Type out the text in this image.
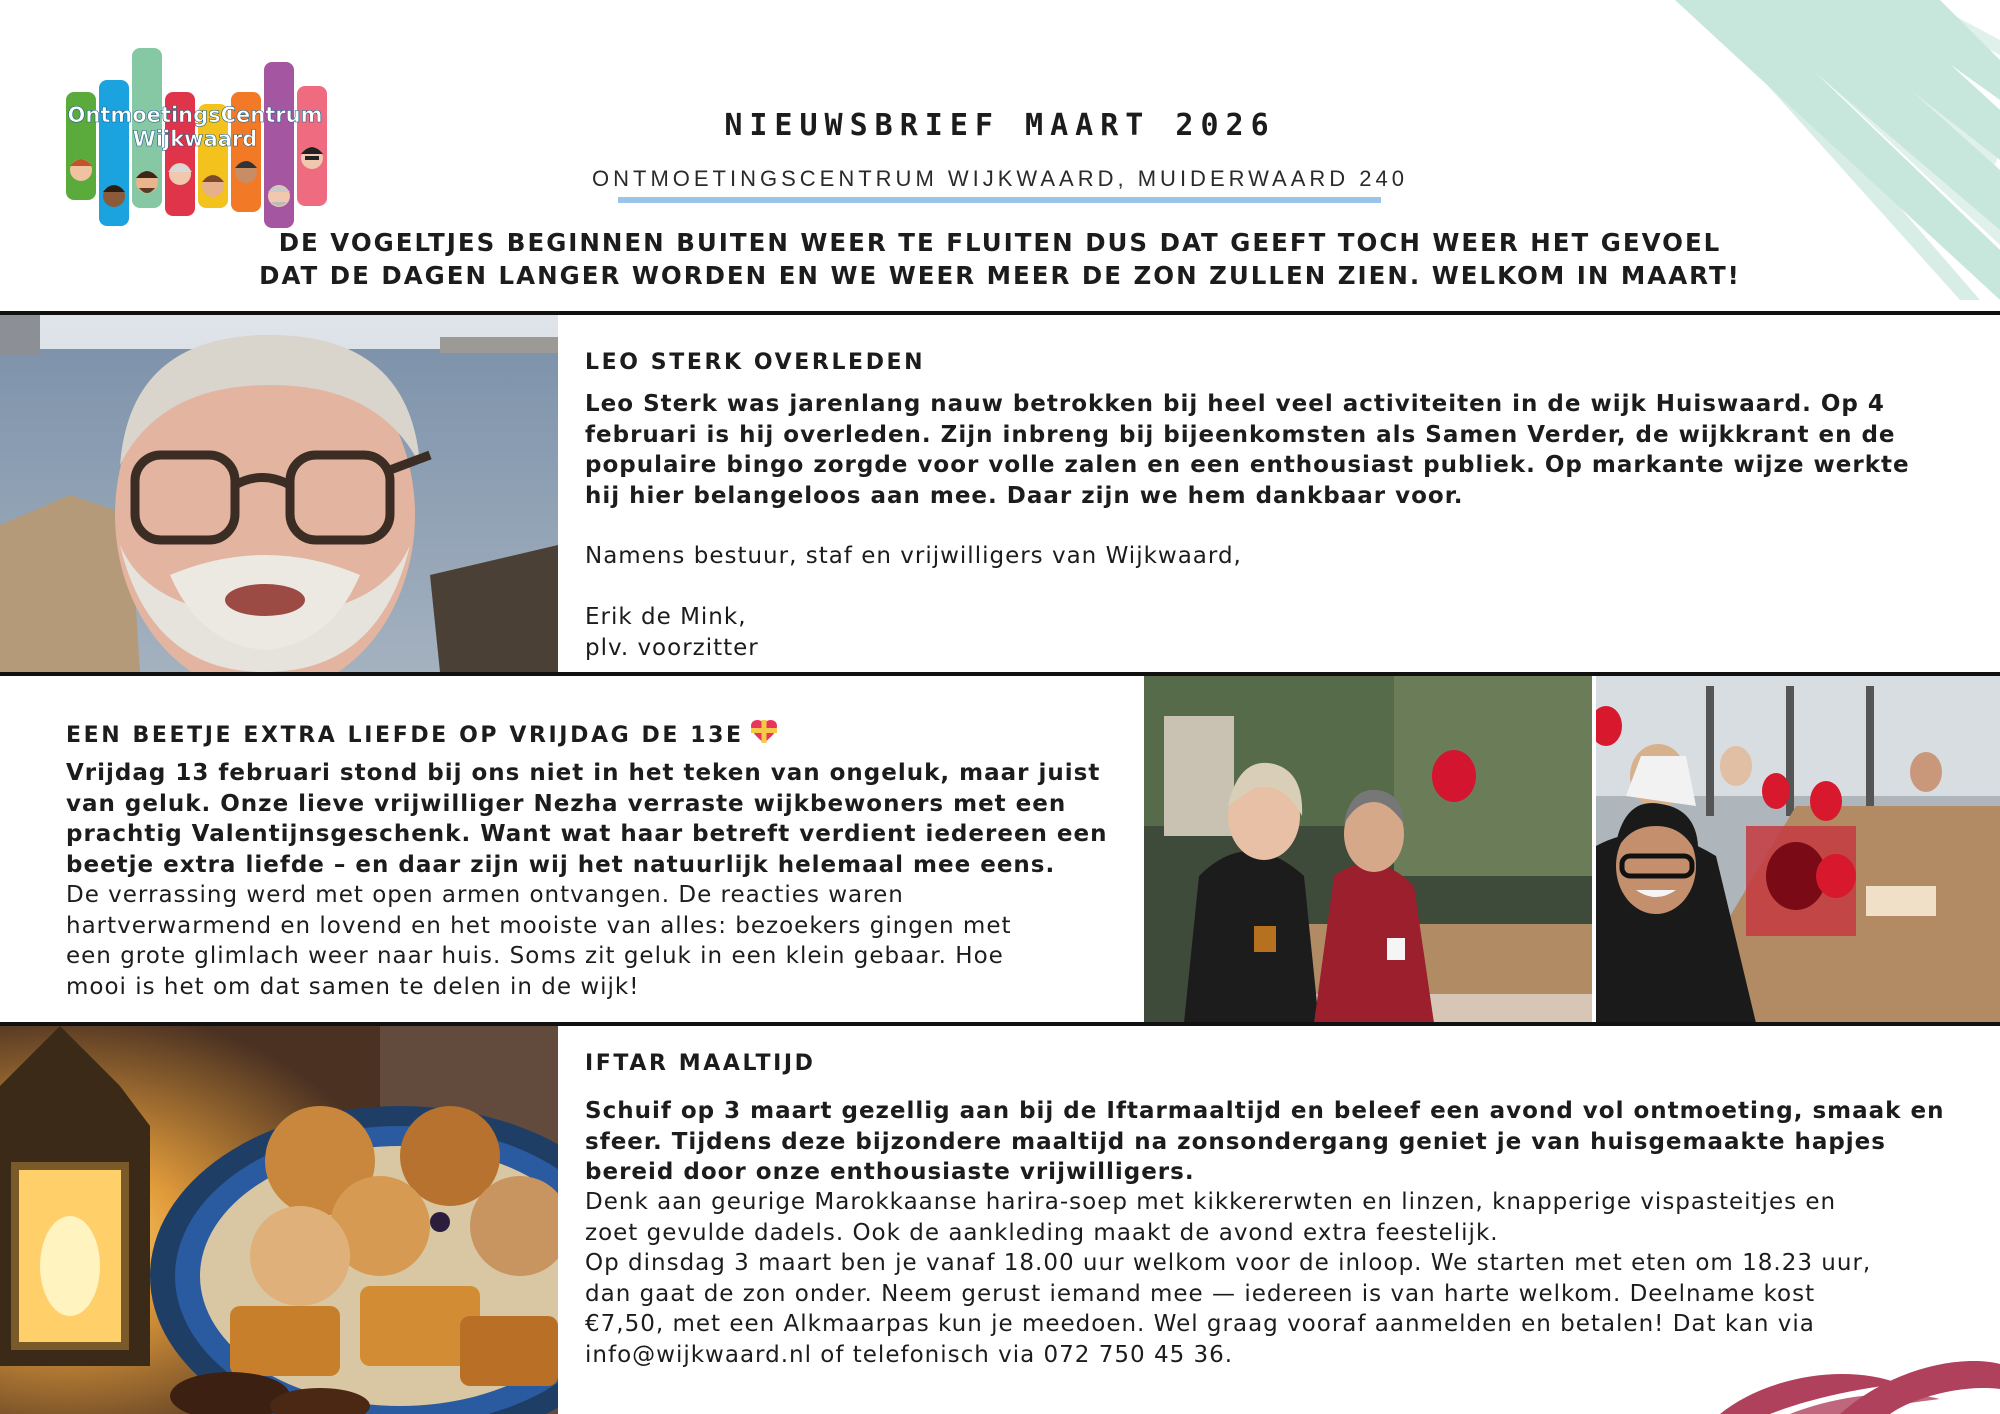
OntmoetingsCentrum
Wijkwaard	NIEUWSBRIEF MAART 2026
ONTMOETINGSCENTRUM WIJKWAARD, MUIDERWAARD 240
DE VOGELTJES BEGINNEN BUITEN WEER TE FLUITEN DUS DAT GEEFT TOCH WEER HET GEVOEL
DAT DE DAGEN LANGER WORDEN EN WE WEER MEER DE ZON ZULLEN ZIEN. WELKOM IN MAART!
LEO STERK OVERLEDEN
Leo Sterk was jarenlang nauw betrokken bij heel veel activiteiten in de wijk Huiswaard. Op 4
februari is hij overleden. Zijn inbreng bij bijeenkomsten als Samen Verder, de wijkkrant en de
populaire bingo zorgde voor volle zalen en een enthousiast publiek. Op markante wijze werkte
hij hier belangeloos aan mee. Daar zijn we hem dankbaar voor.
Namens bestuur, staf en vrijwilligers van Wijkwaard,
Erik de Mink,
plv. voorzitter
EEN BEETJE EXTRA LIEFDE OP VRIJDAG DE 13E
Vrijdag 13 februari stond bij ons niet in het teken van ongeluk, maar juist
van geluk. Onze lieve vrijwilliger Nezha verraste wijkbewoners met een
prachtig Valentijnsgeschenk. Want wat haar betreft verdient iedereen een
beetje extra liefde – en daar zijn wij het natuurlijk helemaal mee eens.
De verrassing werd met open armen ontvangen. De reacties waren
hartverwarmend en lovend en het mooiste van alles: bezoekers gingen met
een grote glimlach weer naar huis. Soms zit geluk in een klein gebaar. Hoe
mooi is het om dat samen te delen in de wijk!
IFTAR MAALTIJD
Schuif op 3 maart gezellig aan bij de Iftarmaaltijd en beleef een avond vol ontmoeting, smaak en
sfeer. Tijdens deze bijzondere maaltijd na zonsondergang geniet je van huisgemaakte hapjes
bereid door onze enthousiaste vrijwilligers.
Denk aan geurige Marokkaanse harira-soep met kikkererwten en linzen, knapperige vispasteitjes en
zoet gevulde dadels. Ook de aankleding maakt de avond extra feestelijk.
Op dinsdag 3 maart ben je vanaf 18.00 uur welkom voor de inloop. We starten met eten om 18.23 uur,
dan gaat de zon onder. Neem gerust iemand mee — iedereen is van harte welkom. Deelname kost
€7,50, met een Alkmaarpas kun je meedoen. Wel graag vooraf aanmelden en betalen! Dat kan via
info@wijkwaard.nl of telefonisch via 072 750 45 36.
